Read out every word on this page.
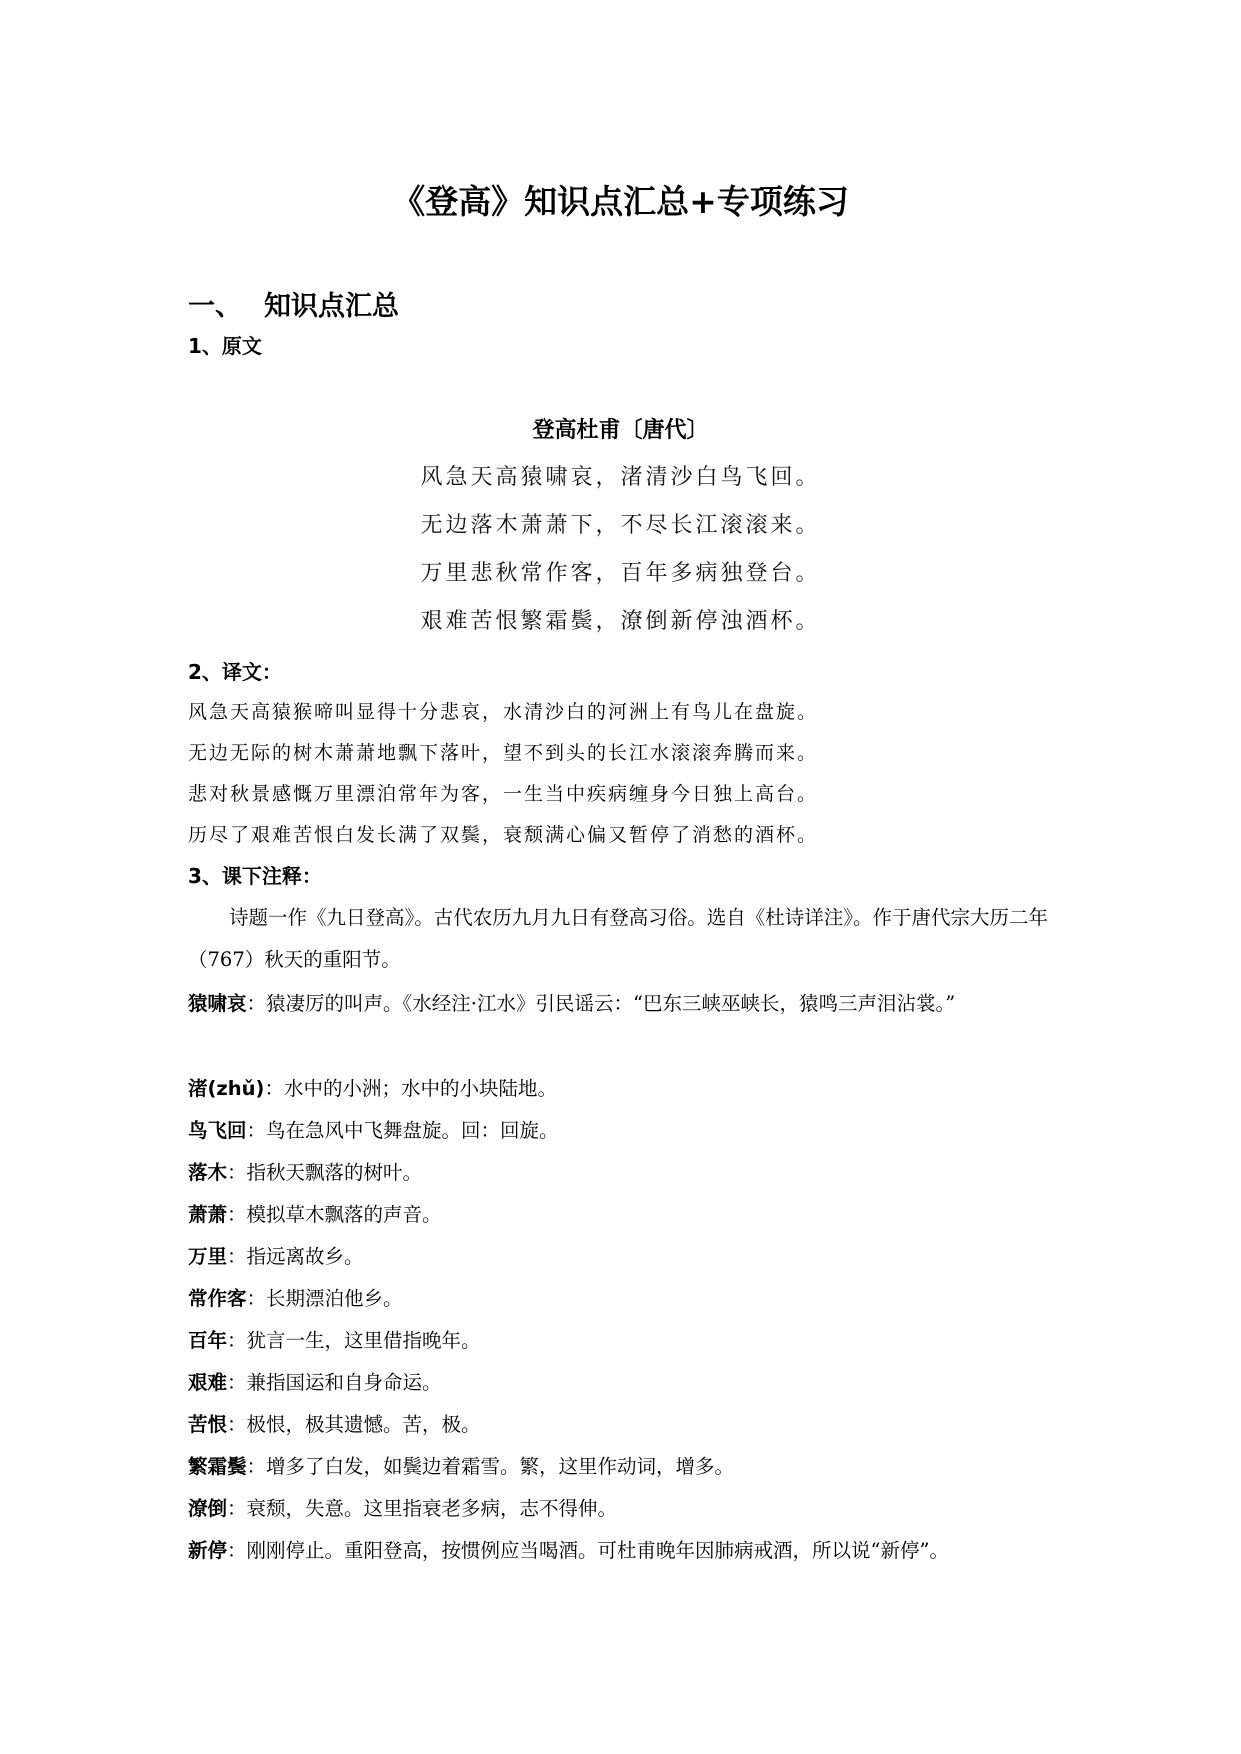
《登高》知识点汇总+专项练习
一、 知识点汇总
1、原文
登高杜甫〔唐代〕
风急天高猿啸哀，渚清沙白鸟飞回。
无边落木萧萧下，不尽长江滚滚来。
万里悲秋常作客，百年多病独登台。
艰难苦恨繁霜鬓，潦倒新停浊酒杯。
2、译文：
风急天高猿猴啼叫显得十分悲哀，水清沙白的河洲上有鸟儿在盘旋。
无边无际的树木萧萧地飘下落叶，望不到头的长江水滚滚奔腾而来。
悲对秋景感慨万里漂泊常年为客，一生当中疾病缠身今日独上高台。
历尽了艰难苦恨白发长满了双鬓，衰颓满心偏又暂停了消愁的酒杯。
3、课下注释：
诗题一作《九日登高》。古代农历九月九日有登高习俗。选自《杜诗详注》。作于唐代宗大历二年（767）秋天的重阳节。
猿啸哀：猿凄厉的叫声。《水经注·江水》引民谣云：“巴东三峡巫峡长，猿鸣三声泪沾裳。”
渚(zhǔ)：水中的小洲；水中的小块陆地。
鸟飞回：鸟在急风中飞舞盘旋。回：回旋。
落木：指秋天飘落的树叶。
萧萧：模拟草木飘落的声音。
万里：指远离故乡。
常作客：长期漂泊他乡。
百年：犹言一生，这里借指晚年。
艰难：兼指国运和自身命运。
苦恨：极恨，极其遗憾。苦，极。
繁霜鬓：增多了白发，如鬓边着霜雪。繁，这里作动词，增多。
潦倒：衰颓，失意。这里指衰老多病，志不得伸。
新停：刚刚停止。重阳登高，按惯例应当喝酒。可杜甫晚年因肺病戒酒，所以说“新停”。
